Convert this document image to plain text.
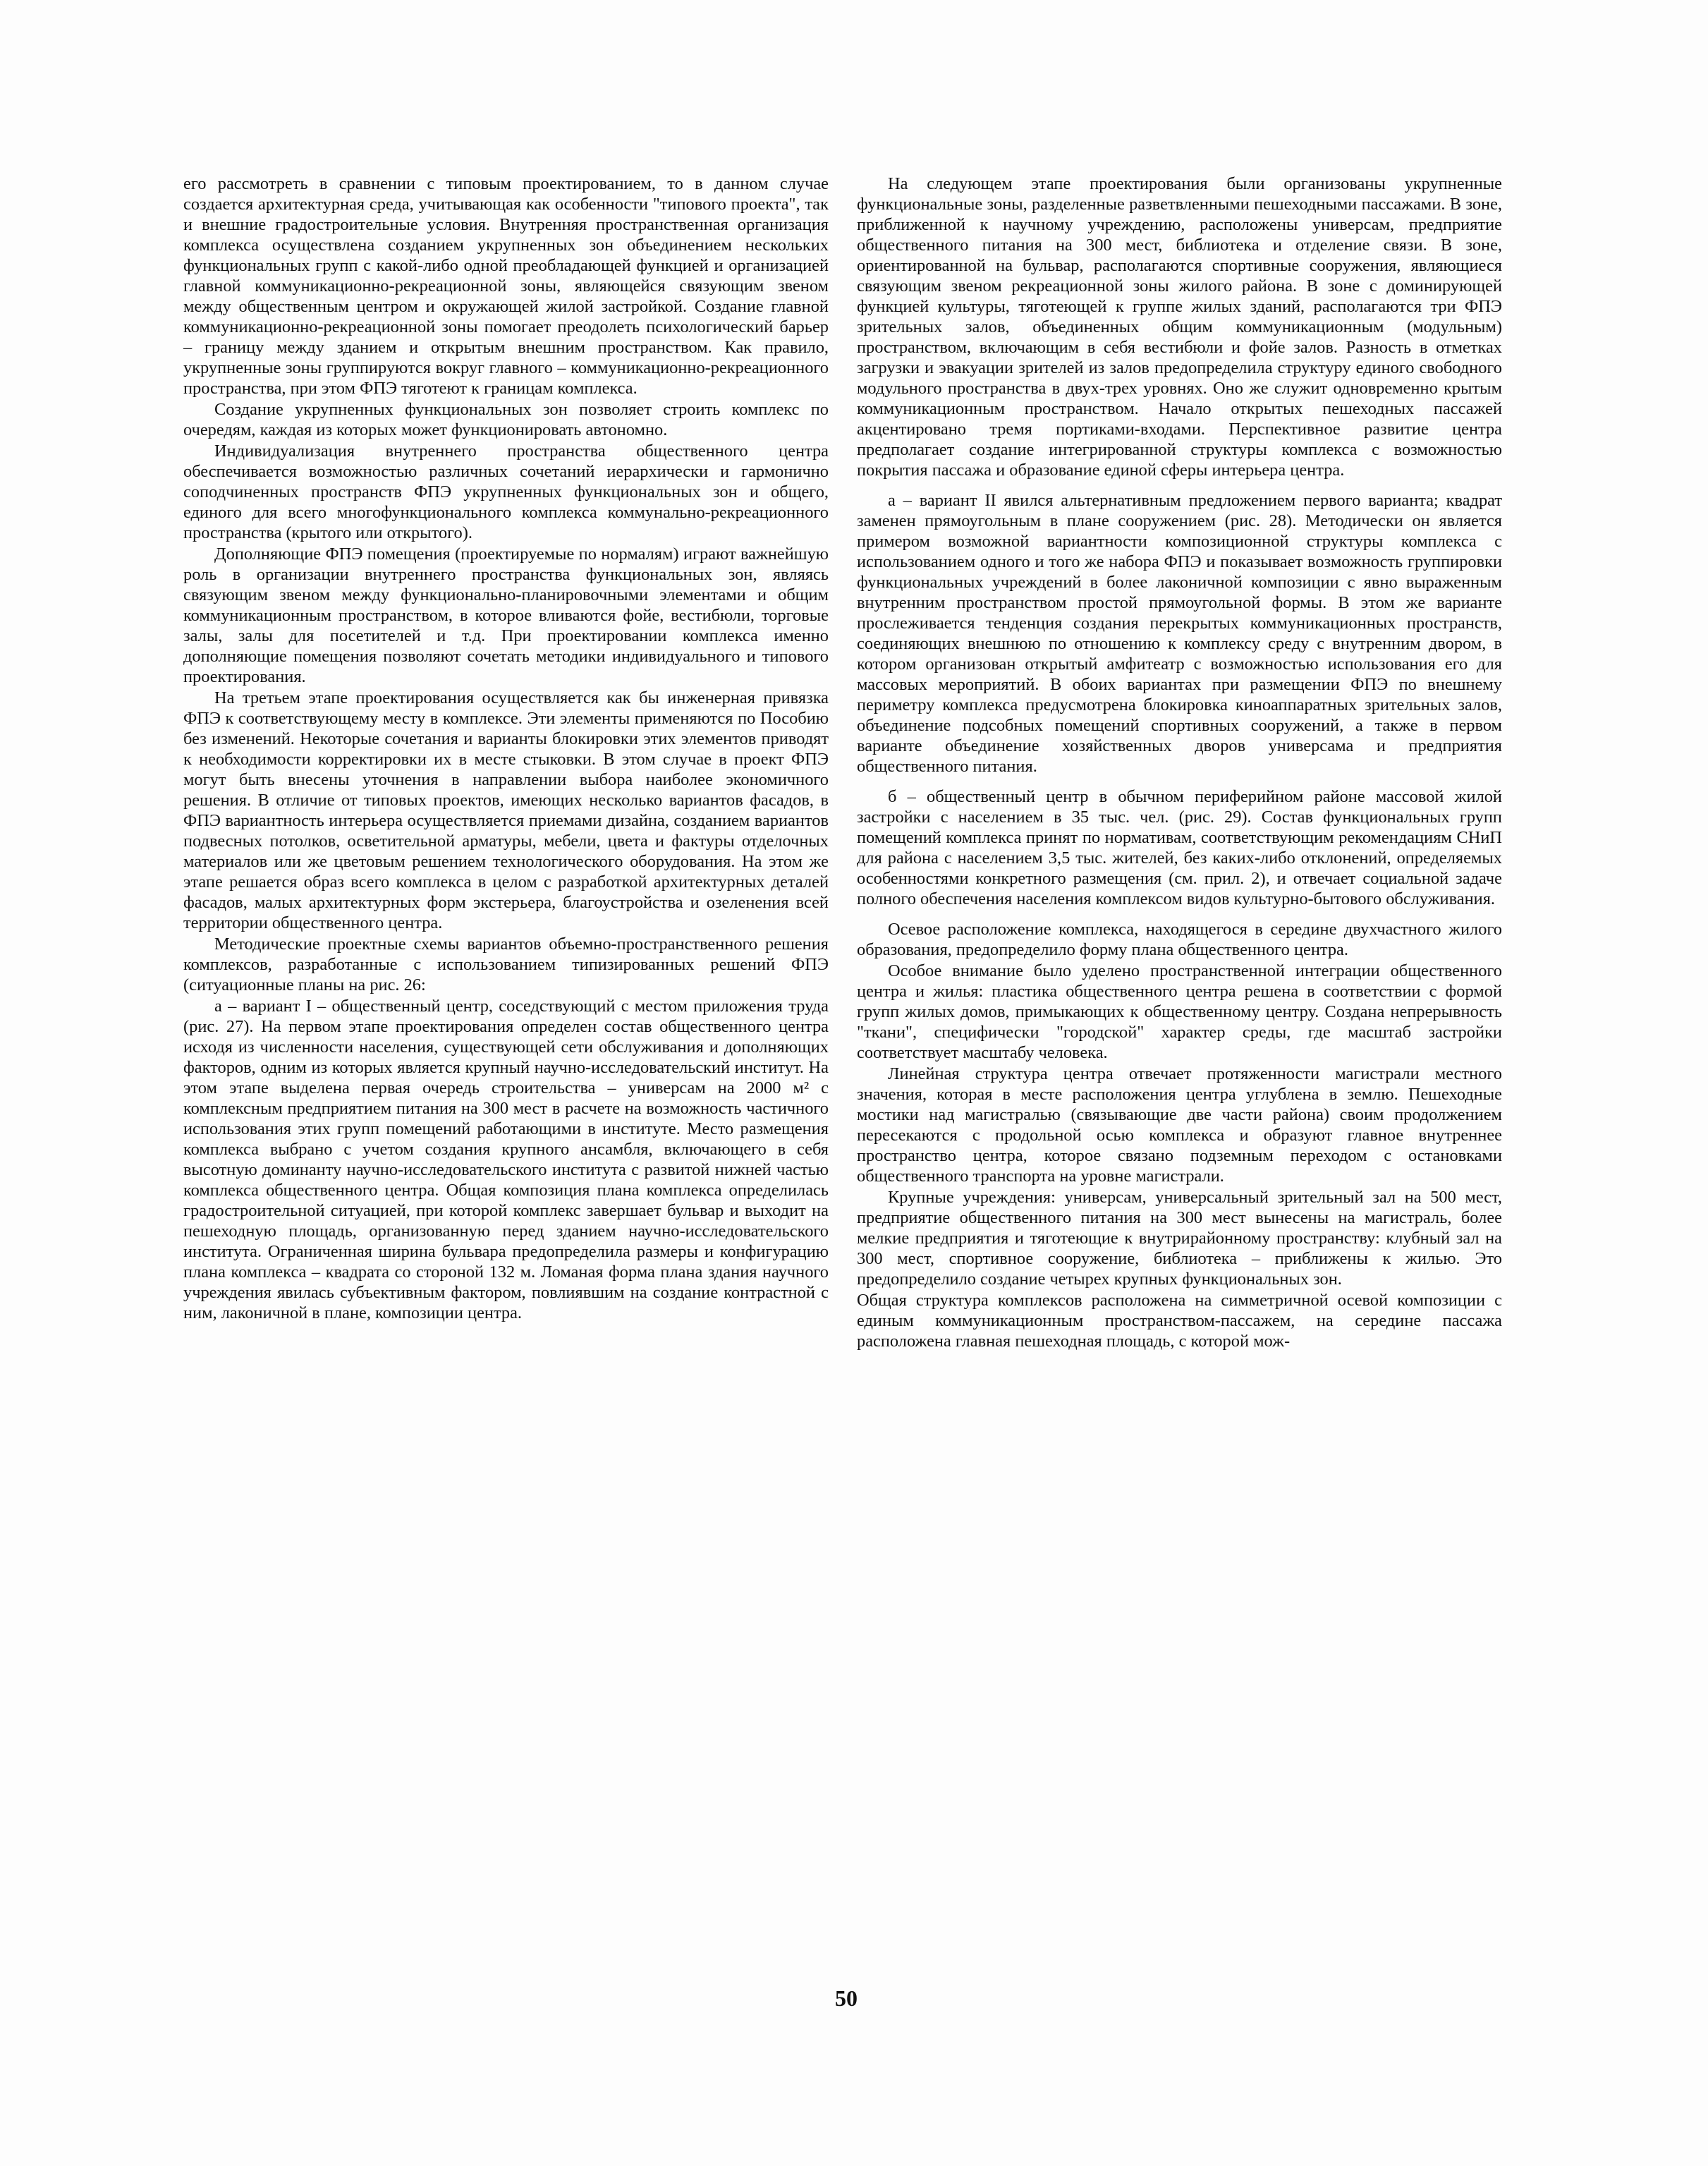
его рассмотреть в сравнении с типовым проектированием, то в данном случае создается архитектурная среда, учитывающая как особенности "типового проекта", так и внешние градостроительные условия. Внутренняя пространственная организация комплекса осуществлена созданием укрупненных зон объединением нескольких функциональных групп с какой-либо одной преобладающей функцией и организацией главной коммуникационно-рекреационной зоны, являющейся связующим звеном между общественным центром и окружающей жилой застройкой. Создание главной коммуникационно-рекреационной зоны помогает преодолеть психологический барьер – границу между зданием и открытым внешним пространством. Как правило, укрупненные зоны группируются вокруг главного – коммуникационно-рекреационного пространства, при этом ФПЭ тяготеют к границам комплекса.

Создание укрупненных функциональных зон позволяет строить комплекс по очередям, каждая из которых может функционировать автономно.

Индивидуализация внутреннего пространства общественного центра обеспечивается возможностью различных сочетаний иерархически и гармонично соподчиненных пространств ФПЭ укрупненных функциональных зон и общего, единого для всего многофункционального комплекса коммунально-рекреационного пространства (крытого или открытого).

Дополняющие ФПЭ помещения (проектируемые по нормалям) играют важнейшую роль в организации внутреннего пространства функциональных зон, являясь связующим звеном между функционально-планировочными элементами и общим коммуникационным пространством, в которое вливаются фойе, вестибюли, торговые залы, залы для посетителей и т.д. При проектировании комплекса именно дополняющие помещения позволяют сочетать методики индивидуального и типового проектирования.

На третьем этапе проектирования осуществляется как бы инженерная привязка ФПЭ к соответствующему месту в комплексе. Эти элементы применяются по Пособию без изменений. Некоторые сочетания и варианты блокировки этих элементов приводят к необходимости корректировки их в месте стыковки. В этом случае в проект ФПЭ могут быть внесены уточнения в направлении выбора наиболее экономичного решения. В отличие от типовых проектов, имеющих несколько вариантов фасадов, в ФПЭ вариантность интерьера осуществляется приемами дизайна, созданием вариантов подвесных потолков, осветительной арматуры, мебели, цвета и фактуры отделочных материалов или же цветовым решением технологического оборудования. На этом же этапе решается образ всего комплекса в целом с разработкой архитектурных деталей фасадов, малых архитектурных форм экстерьера, благоустройства и озеленения всей территории общественного центра.

Методические проектные схемы вариантов объемно-пространственного решения комплексов, разработанные с использованием типизированных решений ФПЭ (ситуационные планы на рис. 26:

а – вариант I – общественный центр, соседствующий с местом приложения труда (рис. 27). На первом этапе проектирования определен состав общественного центра исходя из численности населения, существующей сети обслуживания и дополняющих факторов, одним из которых является крупный научно-исследовательский институт. На этом этапе выделена первая очередь строительства – универсам на 2000 м² с комплексным предприятием питания на 300 мест в расчете на возможность частичного использования этих групп помещений работающими в институте. Место размещения комплекса выбрано с учетом создания крупного ансамбля, включающего в себя высотную доминанту научно-исследовательского института с развитой нижней частью комплекса общественного центра. Общая композиция плана комплекса определилась градостроительной ситуацией, при которой комплекс завершает бульвар и выходит на пешеходную площадь, организованную перед зданием научно-исследовательского института. Ограниченная ширина бульвара предопределила размеры и конфигурацию плана комплекса – квадрата со стороной 132 м. Ломаная форма плана здания научного учреждения явилась субъективным фактором, повлиявшим на создание контрастной с ним, лаконичной в плане, композиции центра.

На следующем этапе проектирования были организованы укрупненные функциональные зоны, разделенные разветвленными пешеходными пассажами. В зоне, приближенной к научному учреждению, расположены универсам, предприятие общественного питания на 300 мест, библиотека и отделение связи. В зоне, ориентированной на бульвар, располагаются спортивные сооружения, являющиеся связующим звеном рекреационной зоны жилого района. В зоне с доминирующей функцией культуры, тяготеющей к группе жилых зданий, располагаются три ФПЭ зрительных залов, объединенных общим коммуникационным (модульным) пространством, включающим в себя вестибюли и фойе залов. Разность в отметках загрузки и эвакуации зрителей из залов предопределила структуру единого свободного модульного пространства в двух-трех уровнях. Оно же служит одновременно крытым коммуникационным пространством. Начало открытых пешеходных пассажей акцентировано тремя портиками-входами. Перспективное развитие центра предполагает создание интегрированной структуры комплекса с возможностью покрытия пассажа и образование единой сферы интерьера центра.

а – вариант II явился альтернативным предложением первого варианта; квадрат заменен прямоугольным в плане сооружением (рис. 28). Методически он является примером возможной вариантности композиционной структуры комплекса с использованием одного и того же набора ФПЭ и показывает возможность группировки функциональных учреждений в более лаконичной композиции с явно выраженным внутренним пространством простой прямоугольной формы. В этом же варианте прослеживается тенденция создания перекрытых коммуникационных пространств, соединяющих внешнюю по отношению к комплексу среду с внутренним двором, в котором организован открытый амфитеатр с возможностью использования его для массовых мероприятий. В обоих вариантах при размещении ФПЭ по внешнему периметру комплекса предусмотрена блокировка киноаппаратных зрительных залов, объединение подсобных помещений спортивных сооружений, а также в первом варианте объединение хозяйственных дворов универсама и предприятия общественного питания.

б – общественный центр в обычном периферийном районе массовой жилой застройки с населением в 35 тыс. чел. (рис. 29). Состав функциональных групп помещений комплекса принят по нормативам, соответствующим рекомендациям СНиП для района с населением 3,5 тыс. жителей, без каких-либо отклонений, определяемых особенностями конкретного размещения (см. прил. 2), и отвечает социальной задаче полного обеспечения населения комплексом видов культурно-бытового обслуживания.

Осевое расположение комплекса, находящегося в середине двухчастного жилого образования, предопределило форму плана общественного центра.

Особое внимание было уделено пространственной интеграции общественного центра и жилья: пластика общественного центра решена в соответствии с формой групп жилых домов, примыкающих к общественному центру. Создана непрерывность "ткани", специфически "городской" характер среды, где масштаб застройки соответствует масштабу человека.

Линейная структура центра отвечает протяженности магистрали местного значения, которая в месте расположения центра углублена в землю. Пешеходные мостики над магистралью (связывающие две части района) своим продолжением пересекаются с продольной осью комплекса и образуют главное внутреннее пространство центра, которое связано подземным переходом с остановками общественного транспорта на уровне магистрали.

Крупные учреждения: универсам, универсальный зрительный зал на 500 мест, предприятие общественного питания на 300 мест вынесены на магистраль, более мелкие предприятия и тяготеющие к внутрирайонному пространству: клубный зал на 300 мест, спортивное сооружение, библиотека – приближены к жилью. Это предопределило создание четырех крупных функциональных зон.

Общая структура комплексов расположена на симметричной осевой композиции с единым коммуникационным пространством-пассажем, на середине пассажа расположена главная пешеходная площадь, с которой мож-

50
